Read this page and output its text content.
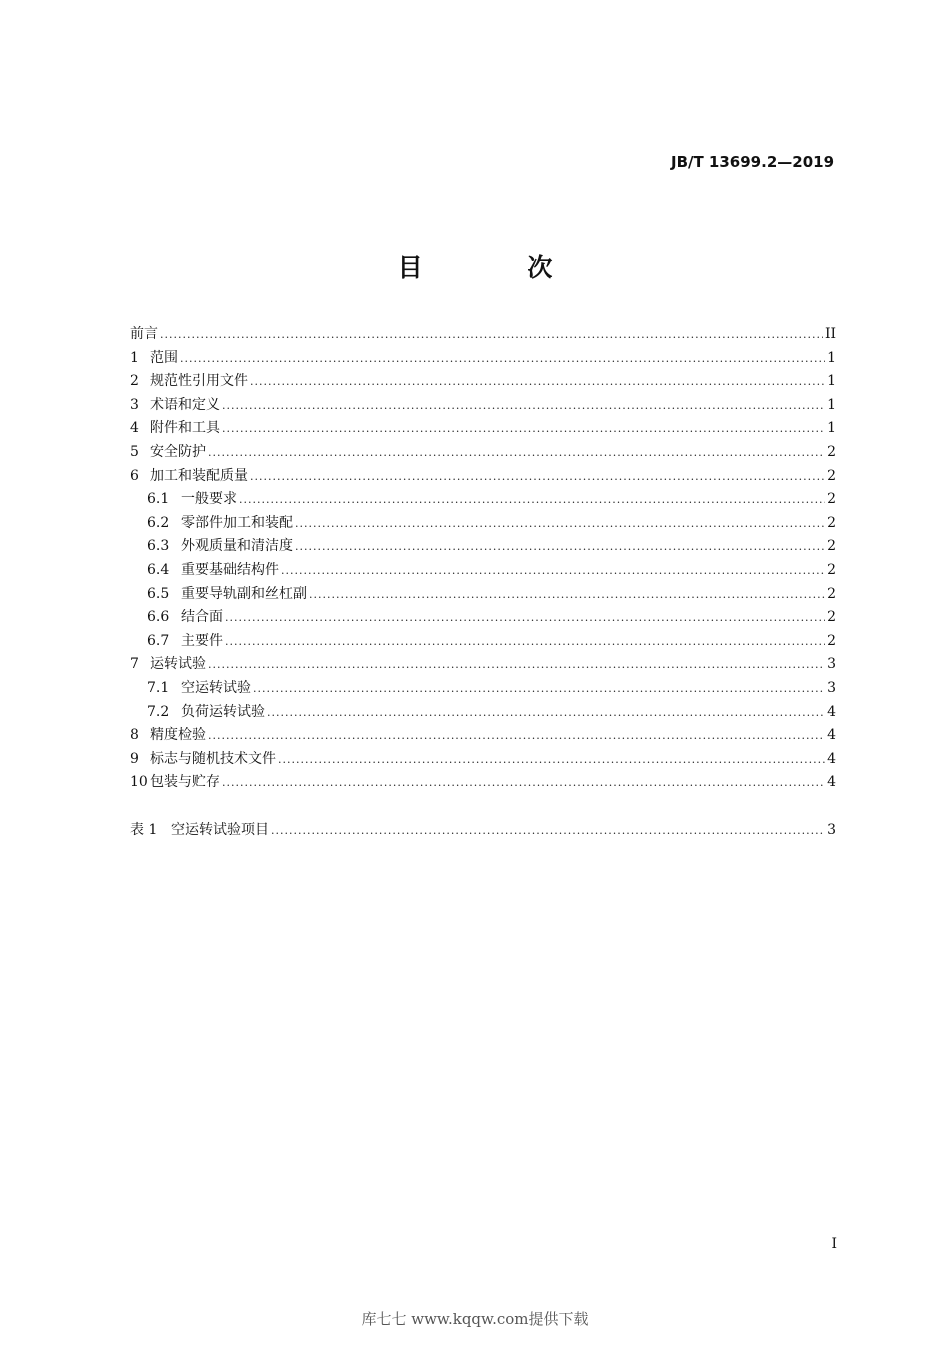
JB/T 13699.2—2019
目 次
前言 .....	II
1 范围 .....	1
2 规范性引用文件 .....	1
3 术语和定义 .....	1
4 附件和工具 .....	1
5 安全防护 .....	2
6 加工和装配质量 .....	2
6.1 一般要求 .....	2
6.2 零部件加工和装配 .....	2
6.3 外观质量和清洁度 .....	2
6.4 重要基础结构件 .....	2
6.5 重要导轨副和丝杠副 .....	2
6.6 结合面 .....	2
6.7 主要件 .....	2
7 运转试验 .....	3
7.1 空运转试验 .....	3
7.2 负荷运转试验 .....	4
8 精度检验 .....	4
9 标志与随机技术文件 .....	4
10 包装与贮存 .....	4
表 1 空运转试验项目 .....	3
I
库七七 www.kqqw.com提供下载
